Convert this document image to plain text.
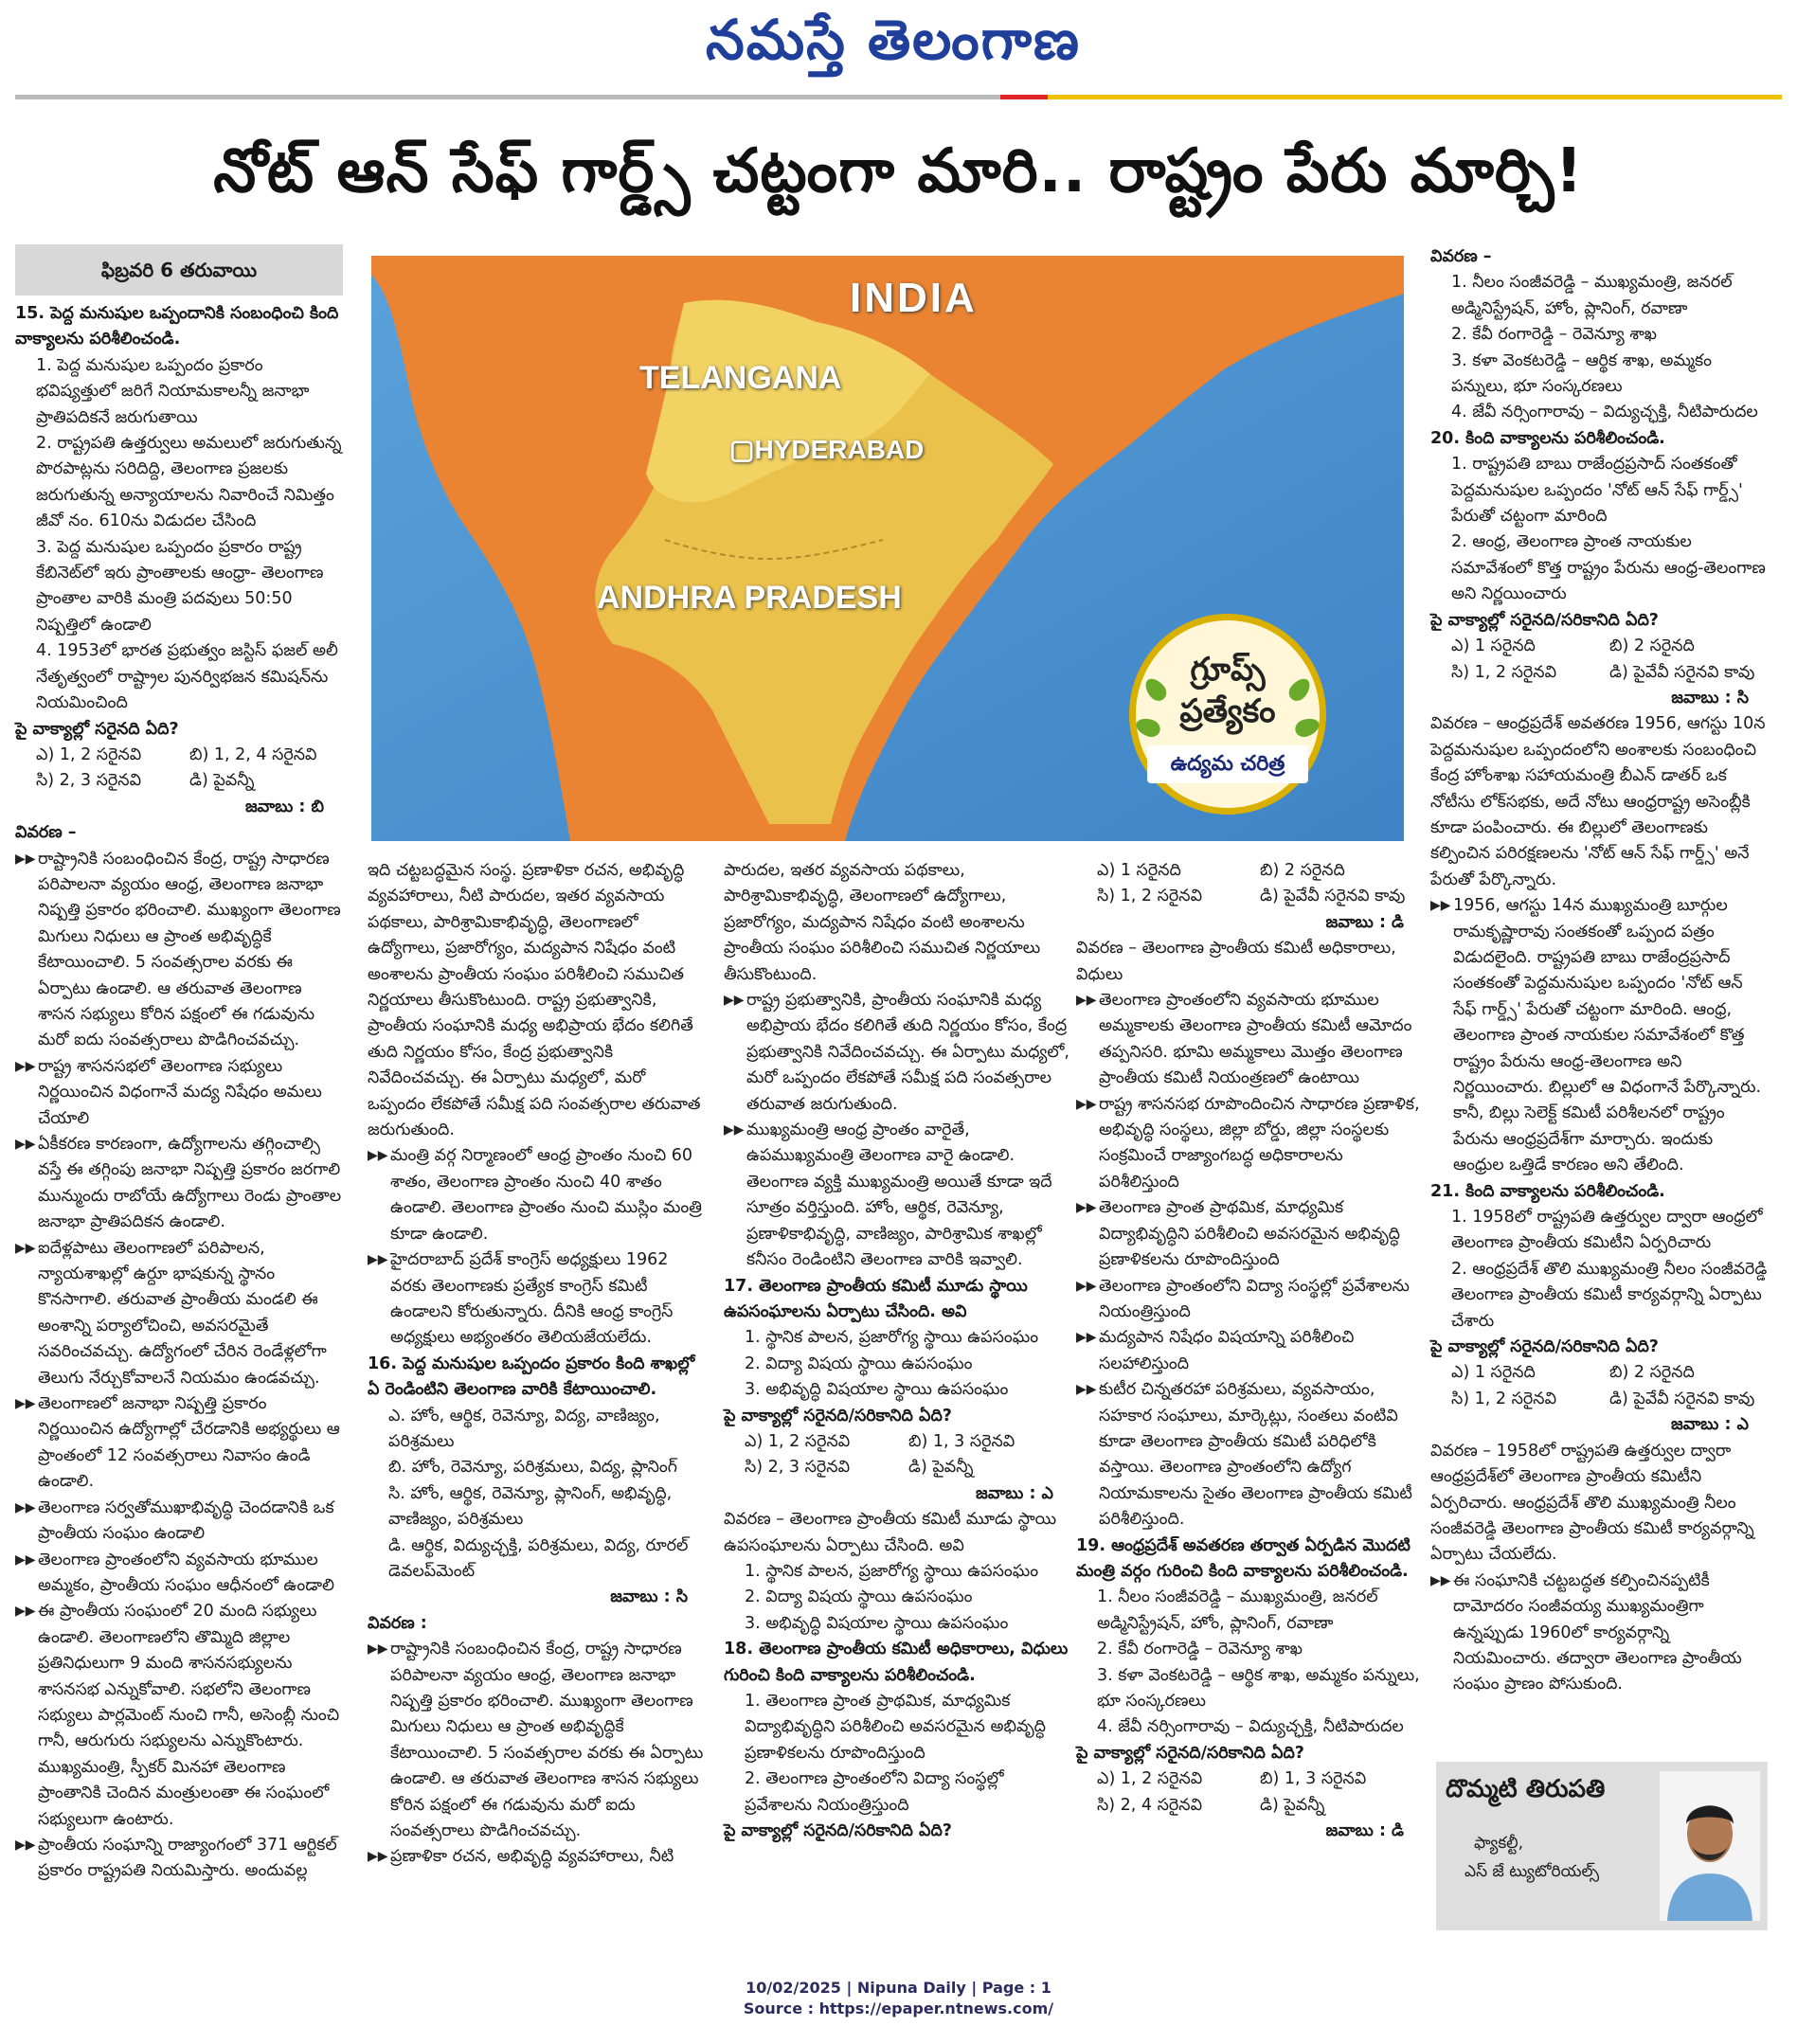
నమస్తే తెలంగాణ
నోట్ ఆన్ సేఫ్ గార్డ్స్ చట్టంగా మారి.. రాష్ట్రం పేరు మార్చి!
ఫిబ్రవరి 6 తరువాయి

15. పెద్ద మనుషుల ఒప్పందానికి సంబంధించి కింది వాక్యాలను పరిశీలించండి.

1. పెద్ద మనుషుల ఒప్పందం ప్రకారం భవిష్యత్తులో జరిగే నియామకాలన్నీ జనాభా ప్రాతిపదికనే జరుగుతాయి

2. రాష్ట్రపతి ఉత్తర్వులు అమలులో జరుగుతున్న పొరపాట్లను సరిదిద్ది, తెలంగాణ ప్రజలకు జరుగుతున్న అన్యాయాలను నివారించే నిమిత్తం జీవో నం. 610ను విడుదల చేసింది

3. పెద్ద మనుషుల ఒప్పందం ప్రకారం రాష్ట్ర కేబినెట్‌లో ఇరు ప్రాంతాలకు ఆంధ్రా- తెలంగాణ ప్రాంతాల వారికి మంత్రి పదవులు 50:50 నిష్పత్తిలో ఉండాలి

4. 1953లో భారత ప్రభుత్వం జస్టిస్ ఫజల్ అలీ నేతృత్వంలో రాష్ట్రాల పునర్విభజన కమిషన్‌ను నియమించింది

పై వాక్యాల్లో సరైనది ఏది?

ఎ) 1, 2 సరైనవి	బి) 1, 2, 4 సరైనవి
సి) 2, 3 సరైనవి	డి) పైవన్నీ

జవాబు : బి

వివరణ –

▶▶ రాష్ట్రానికి సంబంధించిన కేంద్ర, రాష్ట్ర సాధారణ పరిపాలనా వ్యయం ఆంధ్ర, తెలంగాణ జనాభా నిష్పత్తి ప్రకారం భరించాలి. ముఖ్యంగా తెలంగాణ మిగులు నిధులు ఆ ప్రాంత అభివృద్ధికే కేటాయించాలి. 5 సంవత్సరాల వరకు ఈ ఏర్పాటు ఉండాలి. ఆ తరువాత తెలంగాణ శాసన సభ్యులు కోరిన పక్షంలో ఈ గడువును మరో ఐదు సంవత్సరాలు పొడిగించవచ్చు.
▶▶ రాష్ట్ర శాసనసభలో తెలంగాణ సభ్యులు నిర్ణయించిన విధంగానే మద్య నిషేధం అమలు చేయాలి
▶▶ ఏకీకరణ కారణంగా, ఉద్యోగాలను తగ్గించాల్సి వస్తే ఈ తగ్గింపు జనాభా నిష్పత్తి ప్రకారం జరగాలి మున్ముందు రాబోయే ఉద్యోగాలు రెండు ప్రాంతాల జనాభా ప్రాతిపదికన ఉండాలి.
▶▶ ఐదేళ్లపాటు తెలంగాణలో పరిపాలన, న్యాయశాఖల్లో ఉర్దూ భాషకున్న స్థానం కొనసాగాలి. తరువాత ప్రాంతీయ మండలి ఈ అంశాన్ని పర్యాలోచించి, అవసరమైతే సవరించవచ్చు. ఉద్యోగంలో చేరిన రెండేళ్లలోగా తెలుగు నేర్చుకోవాలనే నియమం ఉండవచ్చు.
▶▶ తెలంగాణలో జనాభా నిష్పత్తి ప్రకారం నిర్ణయించిన ఉద్యోగాల్లో చేరడానికి అభ్యర్థులు ఆ ప్రాంతంలో 12 సంవత్సరాలు నివాసం ఉండి ఉండాలి.
▶▶ తెలంగాణ సర్వతోముఖాభివృద్ధి చెందడానికి ఒక ప్రాంతీయ సంఘం ఉండాలి
▶▶ తెలంగాణ ప్రాంతంలోని వ్యవసాయ భూముల అమ్మకం, ప్రాంతీయ సంఘం ఆధీనంలో ఉండాలి
▶▶ ఈ ప్రాంతీయ సంఘంలో 20 మంది సభ్యులు ఉండాలి. తెలంగాణలోని తొమ్మిది జిల్లాల ప్రతినిధులుగా 9 మంది శాసనసభ్యులను శాసనసభ ఎన్నుకోవాలి. సభలోని తెలంగాణ సభ్యులు పార్లమెంట్ నుంచి గానీ, అసెంబ్లీ నుంచి గానీ, ఆరుగురు సభ్యులను ఎన్నుకొంటారు. ముఖ్యమంత్రి, స్పీకర్ మినహా తెలంగాణ ప్రాంతానికి చెందిన మంత్రులంతా ఈ సంఘంలో సభ్యులుగా ఉంటారు.
▶▶ ప్రాంతీయ సంఘాన్ని రాజ్యాంగంలో 371 ఆర్టికల్ ప్రకారం రాష్ట్రపతి నియమిస్తారు. అందువల్ల
INDIA
TELANGANA
▢HYDERABAD
ANDHRA PRADESH
గ్రూప్స్
ప్రత్యేకం
ఉద్యమ చరిత్ర

ఇది చట్టబద్ధమైన సంస్థ. ప్రణాళికా రచన, అభివృద్ధి వ్యవహారాలు, నీటి పారుదల, ఇతర వ్యవసాయ పథకాలు, పారిశ్రామికాభివృద్ధి, తెలంగాణలో ఉద్యోగాలు, ప్రజారోగ్యం, మద్యపాన నిషేధం వంటి అంశాలను ప్రాంతీయ సంఘం పరిశీలించి సముచిత నిర్ణయాలు తీసుకొంటుంది. రాష్ట్ర ప్రభుత్వానికి, ప్రాంతీయ సంఘానికి మధ్య అభిప్రాయ భేదం కలిగితే తుది నిర్ణయం కోసం, కేంద్ర ప్రభుత్వానికి నివేదించవచ్చు. ఈ ఏర్పాటు మధ్యలో, మరో ఒప్పందం లేకపోతే సమీక్ష పది సంవత్సరాల తరువాత జరుగుతుంది.

▶▶ మంత్రి వర్గ నిర్మాణంలో ఆంధ్ర ప్రాంతం నుంచి 60 శాతం, తెలంగాణ ప్రాంతం నుంచి 40 శాతం ఉండాలి. తెలంగాణ ప్రాంతం నుంచి ముస్లిం మంత్రి కూడా ఉండాలి.
▶▶ హైదరాబాద్ ప్రదేశ్ కాంగ్రెస్ అధ్యక్షులు 1962 వరకు తెలంగాణకు ప్రత్యేక కాంగ్రెస్ కమిటీ ఉండాలని కోరుతున్నారు. దీనికి ఆంధ్ర కాంగ్రెస్ అధ్యక్షులు అభ్యంతరం తెలియజేయలేదు.

16. పెద్ద మనుషుల ఒప్పందం ప్రకారం కింది శాఖల్లో ఏ రెండింటిని తెలంగాణ వారికి కేటాయించాలి.

ఎ. హోం, ఆర్థిక, రెవెన్యూ, విద్య, వాణిజ్యం, పరిశ్రమలు

బి. హోం, రెవెన్యూ, పరిశ్రమలు, విద్య, ప్లానింగ్

సి. హోం, ఆర్థిక, రెవెన్యూ, ప్లానింగ్, అభివృద్ధి, వాణిజ్యం, పరిశ్రమలు

డి. ఆర్థిక, విద్యుచ్ఛక్తి, పరిశ్రమలు, విద్య, రూరల్ డెవలప్‌మెంట్

జవాబు : సి

వివరణ :

▶▶ రాష్ట్రానికి సంబంధించిన కేంద్ర, రాష్ట్ర సాధారణ పరిపాలనా వ్యయం ఆంధ్ర, తెలంగాణ జనాభా నిష్పత్తి ప్రకారం భరించాలి. ముఖ్యంగా తెలంగాణ మిగులు నిధులు ఆ ప్రాంత అభివృద్ధికే కేటాయించాలి. 5 సంవత్సరాల వరకు ఈ ఏర్పాటు ఉండాలి. ఆ తరువాత తెలంగాణ శాసన సభ్యులు కోరిన పక్షంలో ఈ గడువును మరో ఐదు సంవత్సరాలు పొడిగించవచ్చు.
▶▶ ప్రణాళికా రచన, అభివృద్ధి వ్యవహారాలు, నీటి

పారుదల, ఇతర వ్యవసాయ పథకాలు, పారిశ్రామికాభివృద్ధి, తెలంగాణలో ఉద్యోగాలు, ప్రజారోగ్యం, మద్యపాన నిషేధం వంటి అంశాలను ప్రాంతీయ సంఘం పరిశీలించి సముచిత నిర్ణయాలు తీసుకొంటుంది.

▶▶ రాష్ట్ర ప్రభుత్వానికి, ప్రాంతీయ సంఘానికి మధ్య అభిప్రాయ భేదం కలిగితే తుది నిర్ణయం కోసం, కేంద్ర ప్రభుత్వానికి నివేదించవచ్చు. ఈ ఏర్పాటు మధ్యలో, మరో ఒప్పందం లేకపోతే సమీక్ష పది సంవత్సరాల తరువాత జరుగుతుంది.
▶▶ ముఖ్యమంత్రి ఆంధ్ర ప్రాంతం వారైతే, ఉపముఖ్యమంత్రి తెలంగాణ వారై ఉండాలి. తెలంగాణ వ్యక్తి ముఖ్యమంత్రి అయితే కూడా ఇదే సూత్రం వర్తిస్తుంది. హోం, ఆర్థిక, రెవెన్యూ, ప్రణాళికాభివృద్ధి, వాణిజ్యం, పారిశ్రామిక శాఖల్లో కనీసం రెండింటిని తెలంగాణ వారికి ఇవ్వాలి.

17. తెలంగాణ ప్రాంతీయ కమిటీ మూడు స్థాయి ఉపసంఘాలను ఏర్పాటు చేసింది. అవి

1. స్థానిక పాలన, ప్రజారోగ్య స్థాయి ఉపసంఘం

2. విద్యా విషయ స్థాయి ఉపసంఘం

3. అభివృద్ధి విషయాల స్థాయి ఉపసంఘం

పై వాక్యాల్లో సరైనది/సరికానిది ఏది?

ఎ) 1, 2 సరైనవి	బి) 1, 3 సరైనవి
సి) 2, 3 సరైనవి	డి) పైవన్నీ

జవాబు : ఎ

వివరణ – తెలంగాణ ప్రాంతీయ కమిటీ మూడు స్థాయి ఉపసంఘాలను ఏర్పాటు చేసింది. అవి

1. స్థానిక పాలన, ప్రజారోగ్య స్థాయి ఉపసంఘం

2. విద్యా విషయ స్థాయి ఉపసంఘం

3. అభివృద్ధి విషయాల స్థాయి ఉపసంఘం

18. తెలంగాణ ప్రాంతీయ కమిటీ అధికారాలు, విధులు గురించి కింది వాక్యాలను పరిశీలించండి.

1. తెలంగాణ ప్రాంత ప్రాథమిక, మాధ్యమిక విద్యాభివృద్ధిని పరిశీలించి అవసరమైన అభివృద్ధి ప్రణాళికలను రూపొందిస్తుంది

2. తెలంగాణ ప్రాంతంలోని విద్యా సంస్థల్లో ప్రవేశాలను నియంత్రిస్తుంది

పై వాక్యాల్లో సరైనది/సరికానిది ఏది?

ఎ) 1 సరైనది	బి) 2 సరైనది
సి) 1, 2 సరైనవి	డి) పైవేవీ సరైనవి కావు

జవాబు : డి

వివరణ – తెలంగాణ ప్రాంతీయ కమిటీ అధికారాలు, విధులు

▶▶ తెలంగాణ ప్రాంతంలోని వ్యవసాయ భూముల అమ్మకాలకు తెలంగాణ ప్రాంతీయ కమిటీ ఆమోదం తప్పనిసరి. భూమి అమ్మకాలు మొత్తం తెలంగాణ ప్రాంతీయ కమిటీ నియంత్రణలో ఉంటాయి
▶▶ రాష్ట్ర శాసనసభ రూపొందించిన సాధారణ ప్రణాళిక, అభివృద్ధి సంస్థలు, జిల్లా బోర్డు, జిల్లా సంస్థలకు సంక్రమించే రాజ్యాంగబద్ధ అధికారాలను పరిశీలిస్తుంది
▶▶ తెలంగాణ ప్రాంత ప్రాథమిక, మాధ్యమిక విద్యాభివృద్ధిని పరిశీలించి అవసరమైన అభివృద్ధి ప్రణాళికలను రూపొందిస్తుంది
▶▶ తెలంగాణ ప్రాంతంలోని విద్యా సంస్థల్లో ప్రవేశాలను నియంత్రిస్తుంది
▶▶ మద్యపాన నిషేధం విషయాన్ని పరిశీలించి సలహాలిస్తుంది
▶▶ కుటీర చిన్నతరహా పరిశ్రమలు, వ్యవసాయం, సహకార సంఘాలు, మార్కెట్లు, సంతలు వంటివి కూడా తెలంగాణ ప్రాంతీయ కమిటీ పరిధిలోకి వస్తాయి. తెలంగాణ ప్రాంతంలోని ఉద్యోగ నియామకాలను సైతం తెలంగాణ ప్రాంతీయ కమిటీ పరిశీలిస్తుంది.

19. ఆంధ్రప్రదేశ్ అవతరణ తర్వాత ఏర్పడిన మొదటి మంత్రి వర్గం గురించి కింది వాక్యాలను పరిశీలించండి.

1. నీలం సంజీవరెడ్డి – ముఖ్యమంత్రి, జనరల్ అడ్మినిస్ట్రేషన్, హోం, ప్లానింగ్, రవాణా

2. కేవీ రంగారెడ్డి – రెవెన్యూ శాఖ

3. కళా వెంకటరెడ్డి – ఆర్థిక శాఖ, అమ్మకం పన్నులు, భూ సంస్కరణలు

4. జేవీ నర్సింగారావు – విద్యుచ్ఛక్తి, నీటిపారుదల

పై వాక్యాల్లో సరైనది/సరికానిది ఏది?

ఎ) 1, 2 సరైనవి	బి) 1, 3 సరైనవి
సి) 2, 4 సరైనవి	డి) పైవన్నీ

జవాబు : డి

వివరణ –

1. నీలం సంజీవరెడ్డి – ముఖ్యమంత్రి, జనరల్ అడ్మినిస్ట్రేషన్, హోం, ప్లానింగ్, రవాణా

2. కేవీ రంగారెడ్డి – రెవెన్యూ శాఖ

3. కళా వెంకటరెడ్డి – ఆర్థిక శాఖ, అమ్మకం పన్నులు, భూ సంస్కరణలు

4. జేవీ నర్సింగారావు – విద్యుచ్ఛక్తి, నీటిపారుదల

20. కింది వాక్యాలను పరిశీలించండి.

1. రాష్ట్రపతి బాబు రాజేంద్రప్రసాద్ సంతకంతో పెద్దమనుషుల ఒప్పందం 'నోట్ ఆన్ సేఫ్ గార్డ్స్' పేరుతో చట్టంగా మారింది

2. ఆంధ్ర, తెలంగాణ ప్రాంత నాయకుల సమావేశంలో కొత్త రాష్ట్రం పేరును ఆంధ్ర-తెలంగాణ అని నిర్ణయించారు

పై వాక్యాల్లో సరైనది/సరికానిది ఏది?

ఎ) 1 సరైనది	బి) 2 సరైనది
సి) 1, 2 సరైనవి	డి) పైవేవీ సరైనవి కావు

జవాబు : సి

వివరణ – ఆంధ్రప్రదేశ్ అవతరణ 1956, ఆగస్టు 10న పెద్దమనుషుల ఒప్పందంలోని అంశాలకు సంబంధించి కేంద్ర హోంశాఖ సహాయమంత్రి బీఎన్ డాతర్ ఒక నోటీసు లోక్‌సభకు, అదే నోటు ఆంధ్రరాష్ట్ర అసెంబ్లీకి కూడా పంపించారు. ఈ బిల్లులో తెలంగాణకు కల్పించిన పరిరక్షణలను 'నోట్ ఆన్ సేఫ్ గార్డ్స్' అనే పేరుతో పేర్కొన్నారు.

▶▶ 1956, ఆగస్టు 14న ముఖ్యమంత్రి బూర్గుల రామకృష్ణారావు సంతకంతో ఒప్పంద పత్రం విడుదలైంది. రాష్ట్రపతి బాబు రాజేంద్రప్రసాద్ సంతకంతో పెద్దమనుషుల ఒప్పందం 'నోట్ ఆన్ సేఫ్ గార్డ్స్' పేరుతో చట్టంగా మారింది. ఆంధ్ర, తెలంగాణ ప్రాంత నాయకుల సమావేశంలో కొత్త రాష్ట్రం పేరును ఆంధ్ర-తెలంగాణ అని నిర్ణయించారు. బిల్లులో ఆ విధంగానే పేర్కొన్నారు. కానీ, బిల్లు సెలెక్ట్ కమిటీ పరిశీలనలో రాష్ట్రం పేరును ఆంధ్రప్రదేశ్‌గా మార్చారు. ఇందుకు ఆంధ్రుల ఒత్తిడే కారణం అని తేలింది.

21. కింది వాక్యాలను పరిశీలించండి.

1. 1958లో రాష్ట్రపతి ఉత్తర్వుల ద్వారా ఆంధ్రలో తెలంగాణ ప్రాంతీయ కమిటీని ఏర్పరిచారు

2. ఆంధ్రప్రదేశ్ తొలి ముఖ్యమంత్రి నీలం సంజీవరెడ్డి తెలంగాణ ప్రాంతీయ కమిటీ కార్యవర్గాన్ని ఏర్పాటు చేశారు

పై వాక్యాల్లో సరైనది/సరికానిది ఏది?

ఎ) 1 సరైనది	బి) 2 సరైనది
సి) 1, 2 సరైనవి	డి) పైవేవీ సరైనవి కావు

జవాబు : ఎ

వివరణ – 1958లో రాష్ట్రపతి ఉత్తర్వుల ద్వారా ఆంధ్రప్రదేశ్‌లో తెలంగాణ ప్రాంతీయ కమిటీని ఏర్పరిచారు. ఆంధ్రప్రదేశ్ తొలి ముఖ్యమంత్రి నీలం సంజీవరెడ్డి తెలంగాణ ప్రాంతీయ కమిటీ కార్యవర్గాన్ని ఏర్పాటు చేయలేదు.

▶▶ ఈ సంఘానికి చట్టబద్ధత కల్పించినప్పటికీ దామోదరం సంజీవయ్య ముఖ్యమంత్రిగా ఉన్నప్పుడు 1960లో కార్యవర్గాన్ని నియమించారు. తద్వారా తెలంగాణ ప్రాంతీయ సంఘం ప్రాణం పోసుకుంది.
దొమ్మటి తిరుపతి
ఫ్యాకల్టీ,
ఎస్ జే ట్యుటోరియల్స్
10/02/2025 | Nipuna Daily | Page : 1
Source : https://epaper.ntnews.com/
